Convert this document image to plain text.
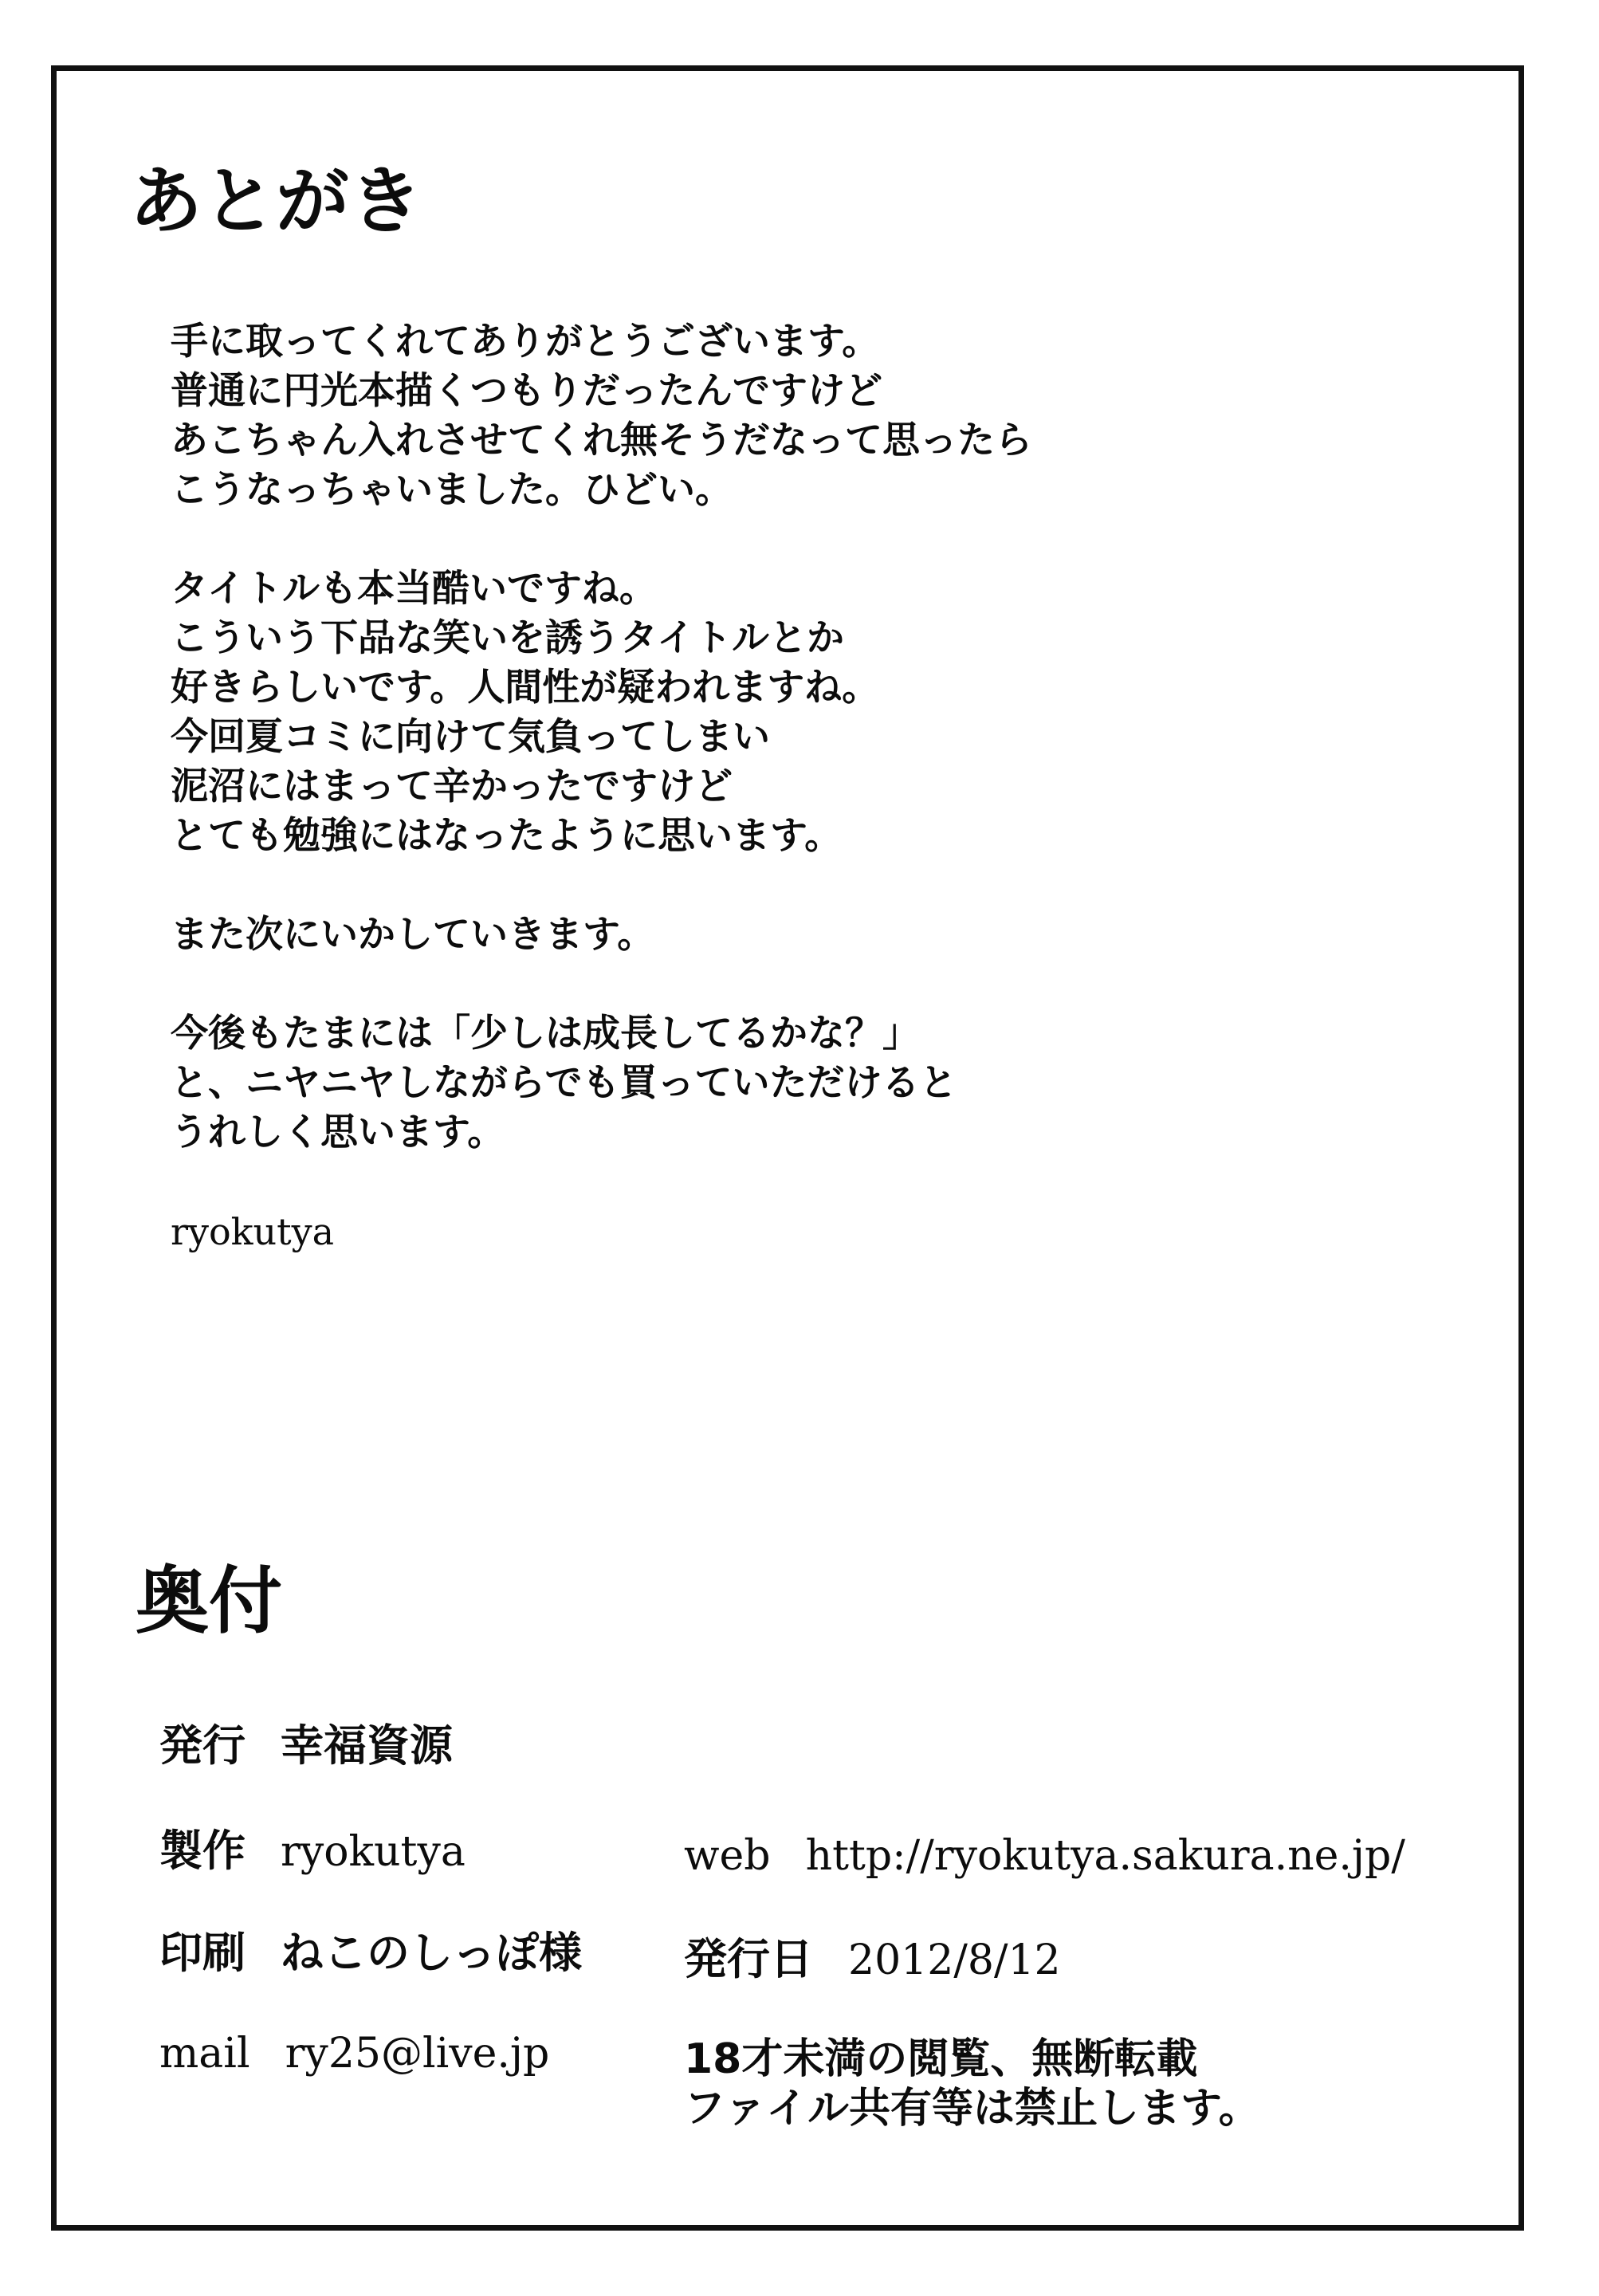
あとがき

手に取ってくれてありがとうございます。
普通に円光本描くつもりだったんですけど
あこちゃん入れさせてくれ無そうだなって思ったら
こうなっちゃいました。ひどい。

タイトルも本当酷いですね。
こういう下品な笑いを誘うタイトルとか
好きらしいです。人間性が疑われますね。
今回夏コミに向けて気負ってしまい
泥沼にはまって辛かったですけど
とても勉強にはなったように思います。

また次にいかしていきます。

今後もたまには「少しは成長してるかな？」
と、ニヤニヤしながらでも買っていただけると
うれしく思います。

ryokutya
奥付
発行 幸福資源
製作 ryokutya
印刷 ねこのしっぽ様
mail ry25@live.jp
web http://ryokutya.sakura.ne.jp/
発行日 2012/8/12
18才未満の閲覧、無断転載
ファイル共有等は禁止します。
